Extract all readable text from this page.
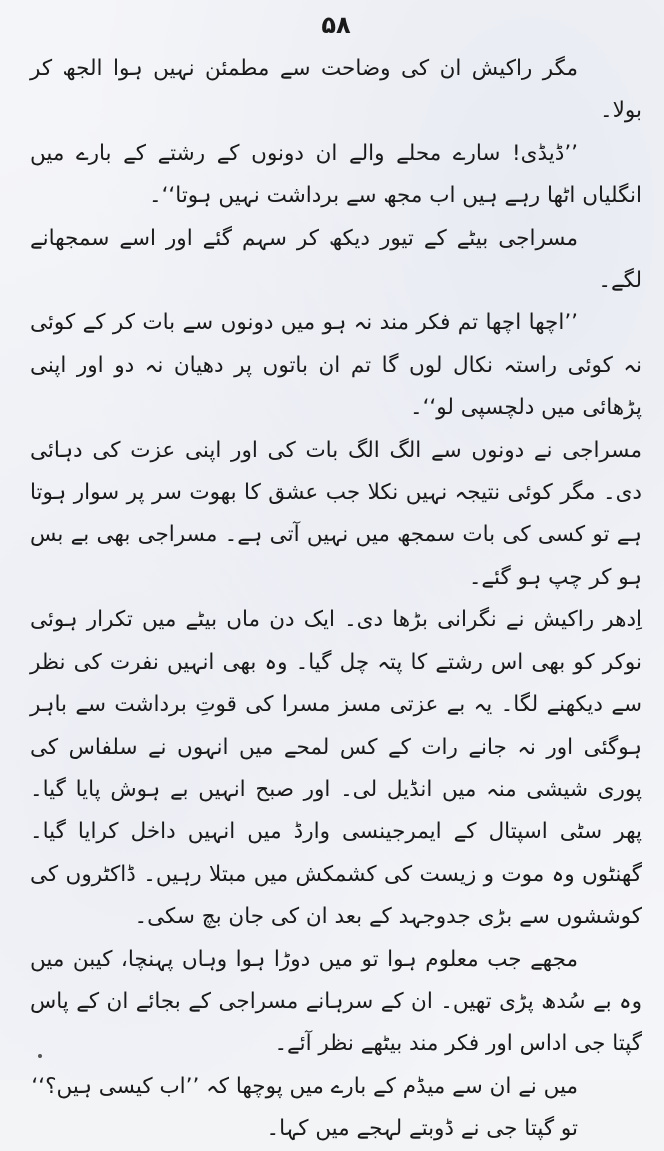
۵۸

مگر راکیش ان کی وضاحت سے مطمئن نہیں ہوا الجھ کر بولا۔

’’ڈیڈی! سارے محلے والے ان دونوں کے رشتے کے بارے میں انگلیاں اٹھا رہے ہیں اب مجھ سے برداشت نہیں ہوتا‘‘۔

مسراجی بیٹے کے تیور دیکھ کر سہم گئے اور اسے سمجھانے لگے۔

’’اچھا اچھا تم فکر مند نہ ہو میں دونوں سے بات کر کے کوئی نہ کوئی راستہ نکال لوں گا تم ان باتوں پر دھیان نہ دو اور اپنی پڑھائی میں دلچسپی لو‘‘۔

مسراجی نے دونوں سے الگ الگ بات کی اور اپنی عزت کی دہائی دی۔ مگر کوئی نتیجہ نہیں نکلا جب عشق کا بھوت سر پر سوار ہوتا ہے تو کسی کی بات سمجھ میں نہیں آتی ہے۔ مسراجی بھی بے بس ہو کر چپ ہو گئے۔

اِدھر راکیش نے نگرانی بڑھا دی۔ ایک دن ماں بیٹے میں تکرار ہوئی نوکر کو بھی اس رشتے کا پتہ چل گیا۔ وہ بھی انہیں نفرت کی نظر سے دیکھنے لگا۔ یہ بے عزتی مسز مسرا کی قوتِ برداشت سے باہر ہوگئی اور نہ جانے رات کے کس لمحے میں انہوں نے سلفاس کی پوری شیشی منہ میں انڈیل لی۔ اور صبح انہیں بے ہوش پایا گیا۔ پھر سٹی اسپتال کے ایمرجینسی وارڈ میں انہیں داخل کرایا گیا۔ گھنٹوں وہ موت و زیست کی کشمکش میں مبتلا رہیں۔ ڈاکٹروں کی کوششوں سے بڑی جدوجہد کے بعد ان کی جان بچ سکی۔

مجھے جب معلوم ہوا تو میں دوڑا ہوا وہاں پہنچا، کیبن میں وہ بے سُدھ پڑی تھیں۔ ان کے سرہانے مسراجی کے بجائے ان کے پاس گپتا جی اداس اور فکر مند بیٹھے نظر آئے۔

میں نے ان سے میڈم کے بارے میں پوچھا کہ ’’اب کیسی ہیں؟‘‘

تو گپتا جی نے ڈوبتے لہجے میں کہا۔
